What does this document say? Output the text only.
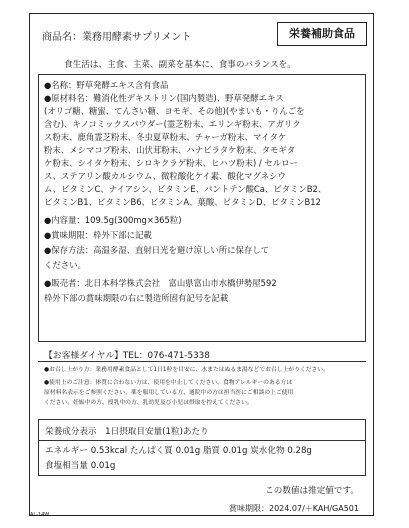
商品名：業務用酵素サプリメント	栄養補助食品
食生活は、主食、主菜、副菜を基本に、食事のバランスを。
●名称：野草発酵エキス含有食品
●原材料名：難消化性デキストリン(国内製造)、野草発酵エキス
(オリゴ糖、糖蜜、てんさい糖、ヨモギ、その他)(やまいも・りんごを
含む)、キノコミックスパウダー(霊芝粉末、エリンギ粉末、アガリク
ス粉末、鹿角霊芝粉末、冬虫夏草粉末、チャーガ粉末、マイタケ
粉末、メシマコブ粉末、山伏茸粉末、ハナビラタケ粉末、タモギタ
ケ粉末、シイタケ粉末、シロキクラゲ粉末、ヒハツ粉末) / セルロー
ス、ステアリン酸カルシウム、微粒酸化ケイ素、酸化マグネシウ
ム、ビタミンC、ナイアシン、ビタミンE、パントテン酸Ca、ビタミンB2、
ビタミンB1、ビタミンB6、ビタミンA、葉酸、ビタミンD、ビタミンB12
●内容量：109.5g(300mg×365粒)
●賞味期限：枠外下部に記載
●保存方法：高温多湿、直射日光を避け涼しい所に保存して
ください。
●販売者：北日本科学株式会社　富山県富山市水橋伊勢屋592
枠外下部の賞味期限の右に製造所固有記号を記載
【お客様ダイヤル】TEL：076-471-5338
●お召し上がり方：業務用酵素食品として1日1粒を目安に、水またはぬるま湯などでお召し上がりください。
●使用上のご注意：体質に合わない方は、使用を中止してください。食物アレルギーのある方は
原材料名表示をご参照ください。薬を服用している方、通院中の方は担当医にご相談の上ご使用
ください。妊娠中の方、授乳中の方、乳幼児及び小児は摂取を控えてください。
栄養成分表示　1日摂取目安量(1粒)あたり
エネルギー 0.53kcal たんぱく質 0.01g 脂質 0.01g 炭水化物 0.28g
食塩相当量 0.01g
この数値は推定値です。
賞味期限：2024.07/＋KAH/GA501
AL-14W
